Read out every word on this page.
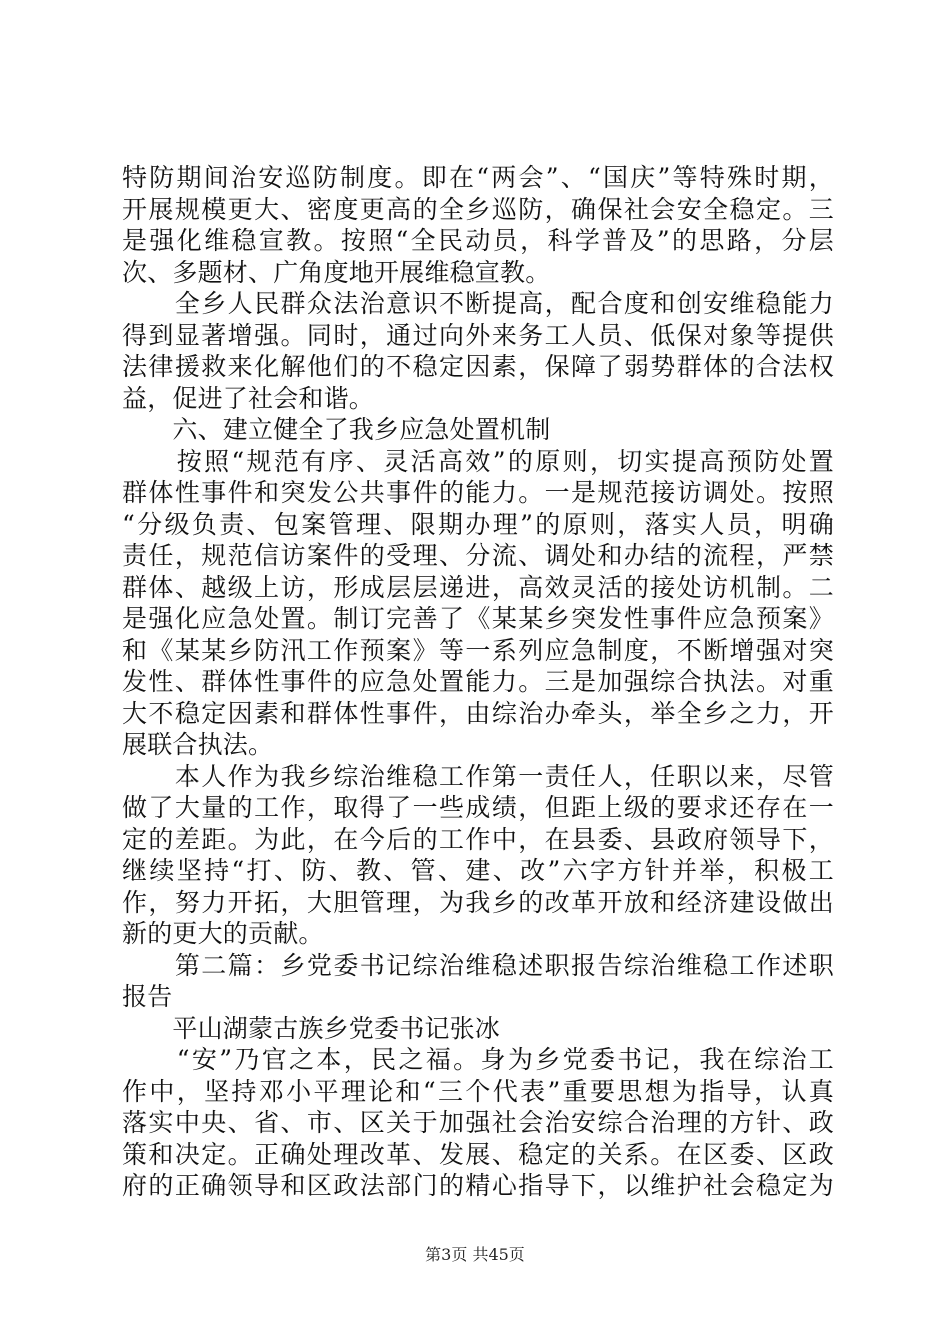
特防期间治安巡防制度。即在“两会”、“国庆”等特殊时期，
开展规模更大、密度更高的全乡巡防，确保社会安全稳定。三
是强化维稳宣教。按照“全民动员，科学普及”的思路，分层
次、多题材、广角度地开展维稳宣教。
　　全乡人民群众法治意识不断提高，配合度和创安维稳能力
得到显著增强。同时，通过向外来务工人员、低保对象等提供
法律援救来化解他们的不稳定因素，保障了弱势群体的合法权
益，促进了社会和谐。
　　六、建立健全了我乡应急处置机制
　　按照“规范有序、灵活高效”的原则，切实提高预防处置
群体性事件和突发公共事件的能力。一是规范接访调处。按照
“分级负责、包案管理、限期办理”的原则，落实人员，明确
责任，规范信访案件的受理、分流、调处和办结的流程，严禁
群体、越级上访，形成层层递进，高效灵活的接处访机制。二
是强化应急处置。制订完善了《某某乡突发性事件应急预案》
和《某某乡防汛工作预案》等一系列应急制度，不断增强对突
发性、群体性事件的应急处置能力。三是加强综合执法。对重
大不稳定因素和群体性事件，由综治办牵头，举全乡之力，开
展联合执法。
　　本人作为我乡综治维稳工作第一责任人，任职以来，尽管
做了大量的工作，取得了一些成绩，但距上级的要求还存在一
定的差距。为此，在今后的工作中，在县委、县政府领导下，
继续坚持“打、防、教、管、建、改”六字方针并举，积极工
作，努力开拓，大胆管理，为我乡的改革开放和经济建设做出
新的更大的贡献。
　　第二篇：乡党委书记综治维稳述职报告综治维稳工作述职
报告
　　平山湖蒙古族乡党委书记张冰
　　“安”乃官之本，民之福。身为乡党委书记，我在综治工
作中，坚持邓小平理论和“三个代表”重要思想为指导，认真
落实中央、省、市、区关于加强社会治安综合治理的方针、政
策和决定。正确处理改革、发展、稳定的关系。在区委、区政
府的正确领导和区政法部门的精心指导下，以维护社会稳定为
第3页 共45页
